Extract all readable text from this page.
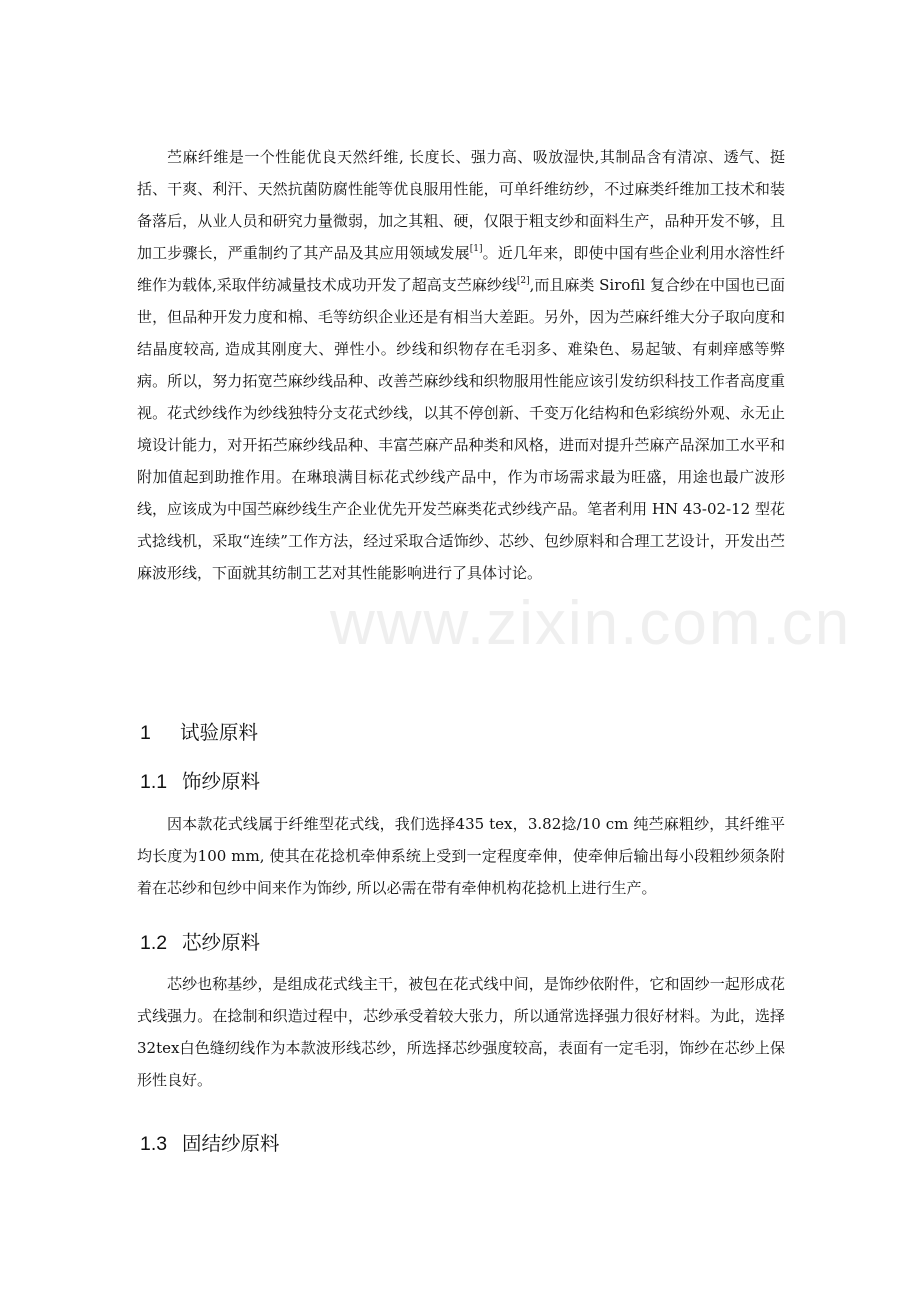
www.zixin.com.cn

苎麻纤维是一个性能优良天然纤维, 长度长、强力高、吸放湿快,其制品含有清凉、透气、挺括、干爽、利汗、天然抗菌防腐性能等优良服用性能，可单纤维纺纱，不过麻类纤维加工技术和装备落后，从业人员和研究力量微弱，加之其粗、硬，仅限于粗支纱和面料生产，品种开发不够，且加工步骤长，严重制约了其产品及其应用领域发展[1]。近几年来，即使中国有些企业利用水溶性纤维作为载体,采取伴纺减量技术成功开发了超高支苎麻纱线[2],而且麻类 Sirofil 复合纱在中国也已面世，但品种开发力度和棉、毛等纺织企业还是有相当大差距。另外，因为苎麻纤维大分子取向度和结晶度较高, 造成其刚度大、弹性小。纱线和织物存在毛羽多、难染色、易起皱、有刺痒感等弊病。所以，努力拓宽苎麻纱线品种、改善苎麻纱线和织物服用性能应该引发纺织科技工作者高度重视。花式纱线作为纱线独特分支花式纱线，以其不停创新、千变万化结构和色彩缤纷外观、永无止境设计能力，对开拓苎麻纱线品种、丰富苎麻产品种类和风格，进而对提升苎麻产品深加工水平和附加值起到助推作用。在琳琅满目标花式纱线产品中，作为市场需求最为旺盛，用途也最广波形线，应该成为中国苎麻纱线生产企业优先开发苎麻类花式纱线产品。笔者利用 HN 43-02-12 型花式捻线机，采取“连续”工作方法，经过采取合适饰纱、芯纱、包纱原料和合理工艺设计，开发出苎麻波形线，下面就其纺制工艺对其性能影响进行了具体讨论。

1 试验原料
1.1 饰纱原料

因本款花式线属于纤维型花式线，我们选择435 tex，3.82捻/10 cm 纯苎麻粗纱，其纤维平均长度为100 mm, 使其在花捻机牵伸系统上受到一定程度牵伸，使牵伸后输出每小段粗纱须条附着在芯纱和包纱中间来作为饰纱, 所以必需在带有牵伸机构花捻机上进行生产。

1.2 芯纱原料

芯纱也称基纱，是组成花式线主干，被包在花式线中间，是饰纱依附件，它和固纱一起形成花式线强力。在捻制和织造过程中，芯纱承受着较大张力，所以通常选择强力很好材料。为此，选择32tex白色缝纫线作为本款波形线芯纱，所选择芯纱强度较高，表面有一定毛羽，饰纱在芯纱上保形性良好。

1.3 固结纱原料
